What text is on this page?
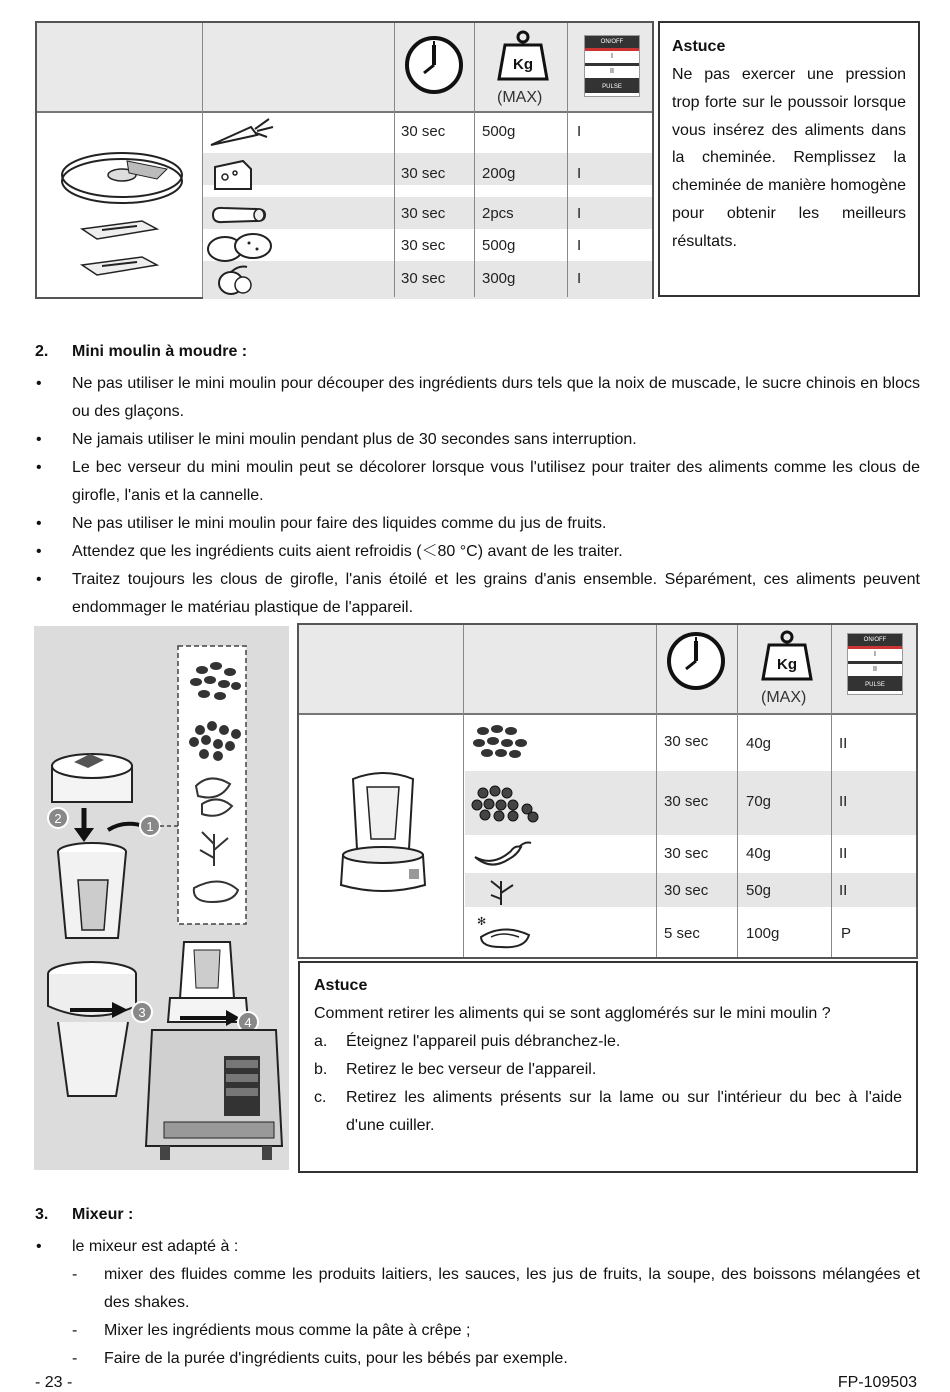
Kg
(MAX)
ON/OFF
I
II
PULSE
30 sec 500g	I
30 sec 200g	I
30 sec 2pcs	I
30 sec 500g	I
30 sec 300g	I
Astuce

Ne pas exercer une pression trop forte sur le poussoir lorsque vous insérez des aliments dans la cheminée. Remplissez la cheminée de manière homogène pour obtenir les meilleurs résultats.

2. Mini moulin à moudre :
• Ne pas utiliser le mini moulin pour découper des ingrédients durs tels que la noix de muscade, le sucre chinois en blocs ou des glaçons.
• Ne jamais utiliser le mini moulin pendant plus de 30 secondes sans interruption.
• Le bec verseur du mini moulin peut se décolorer lorsque vous l'utilisez pour traiter des aliments comme les clous de girofle, l'anis et la cannelle.
• Ne pas utiliser le mini moulin pour faire des liquides comme du jus de fruits.
• Attendez que les ingrédients cuits aient refroidis (＜80 °C) avant de les traiter.
• Traitez toujours les clous de girofle, l'anis étoilé et les grains d'anis ensemble. Séparément, ces aliments peuvent endommager le matériau plastique de l'appareil.
2
1
3
4
Kg
(MAX)
ON/OFF
I
II
PULSE
✻
30 sec	40g	II
30 sec	70g	II
30 sec	40g	II
30 sec	50g	II
5 sec	100g	P
Astuce

Comment retirer les aliments qui se sont agglomérés sur le mini moulin ?

a. Éteignez l'appareil puis débranchez-le.
b. Retirez le bec verseur de l'appareil.
c. Retirez les aliments présents sur la lame ou sur l'intérieur du bec à l'aide d'une cuiller.
3. Mixeur :
• le mixeur est adapté à :
- mixer des fluides comme les produits laitiers, les sauces, les jus de fruits, la soupe, des boissons mélangées et des shakes.
- Mixer les ingrédients mous comme la pâte à crêpe ;
- Faire de la purée d'ingrédients cuits, pour les bébés par exemple.
- 23 -	FP-109503
